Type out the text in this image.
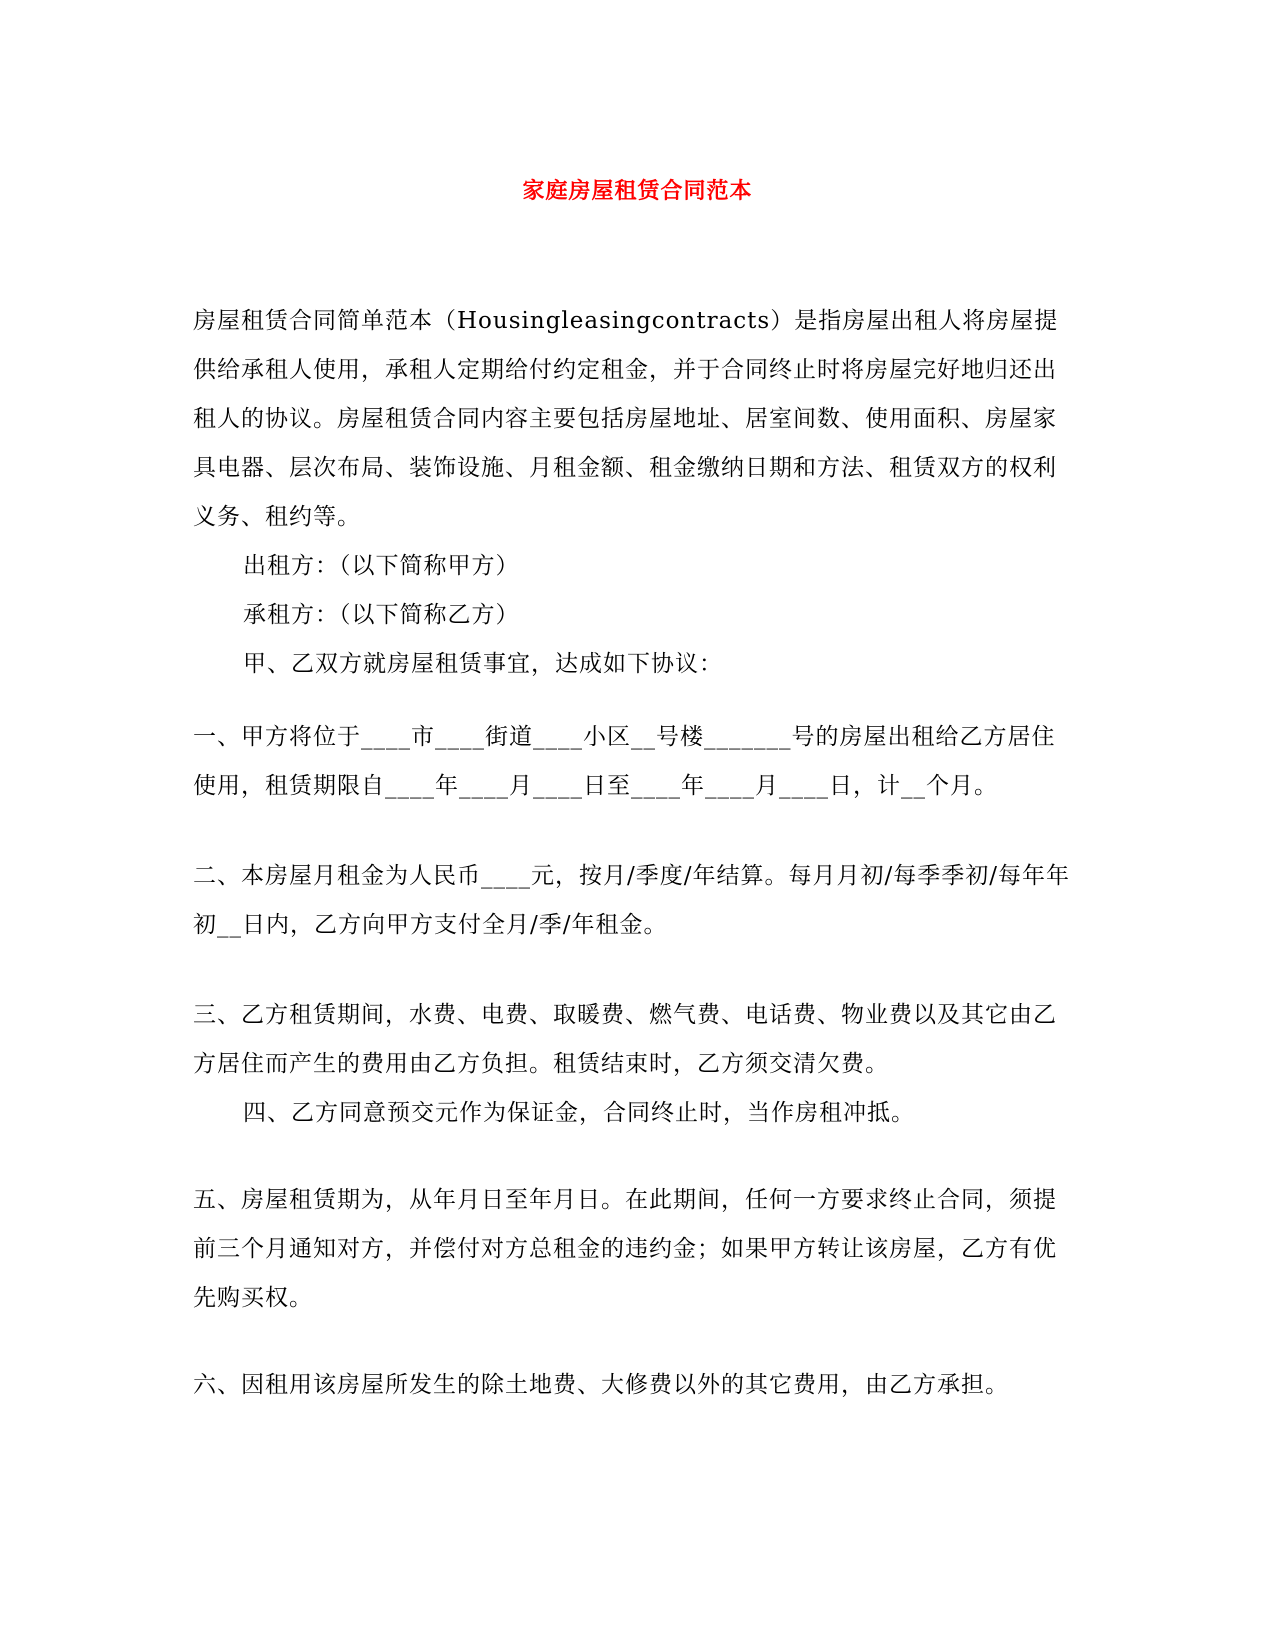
家庭房屋租赁合同范本

房屋租赁合同简单范本（Housingleasingcontracts）是指房屋出租人将房屋提供给承租人使用，承租人定期给付约定租金，并于合同终止时将房屋完好地归还出租人的协议。房屋租赁合同内容主要包括房屋地址、居室间数、使用面积、房屋家具电器、层次布局、装饰设施、月租金额、租金缴纳日期和方法、租赁双方的权利义务、租约等。

出租方：（以下简称甲方）

承租方：（以下简称乙方）

甲、乙双方就房屋租赁事宜，达成如下协议：

一、甲方将位于____市____街道____小区__号楼_______号的房屋出租给乙方居住使用，租赁期限自____年____月____日至____年____月____日，计__个月。

二、本房屋月租金为人民币____元，按月/季度/年结算。每月月初/每季季初/每年年初__日内，乙方向甲方支付全月/季/年租金。

三、乙方租赁期间，水费、电费、取暖费、燃气费、电话费、物业费以及其它由乙方居住而产生的费用由乙方负担。租赁结束时，乙方须交清欠费。

四、乙方同意预交元作为保证金，合同终止时，当作房租冲抵。

五、房屋租赁期为，从年月日至年月日。在此期间，任何一方要求终止合同，须提前三个月通知对方，并偿付对方总租金的违约金；如果甲方转让该房屋，乙方有优先购买权。

六、因租用该房屋所发生的除土地费、大修费以外的其它费用，由乙方承担。
